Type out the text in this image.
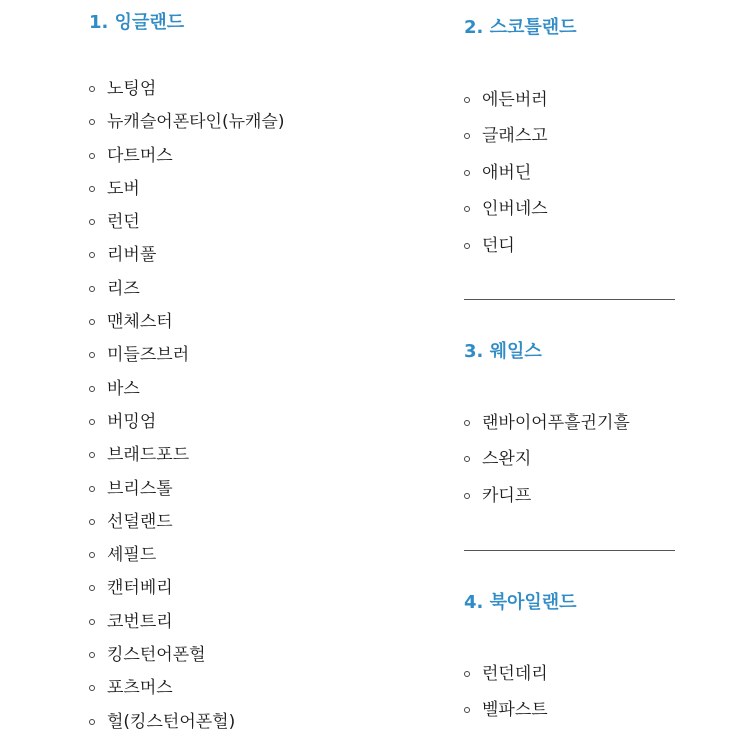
1. 잉글랜드
노팅엄
뉴캐슬어폰타인(뉴캐슬)
다트머스
도버
런던
리버풀
리즈
맨체스터
미들즈브러
바스
버밍엄
브래드포드
브리스톨
선덜랜드
셰필드
캔터베리
코번트리
킹스턴어폰헐
포츠머스
헐(킹스턴어폰헐)
2. 스코틀랜드
에든버러
글래스고
애버딘
인버네스
던디
3. 웨일스
랜바이어푸흘귄기흘
스완지
카디프
4. 북아일랜드
런던데리
벨파스트
